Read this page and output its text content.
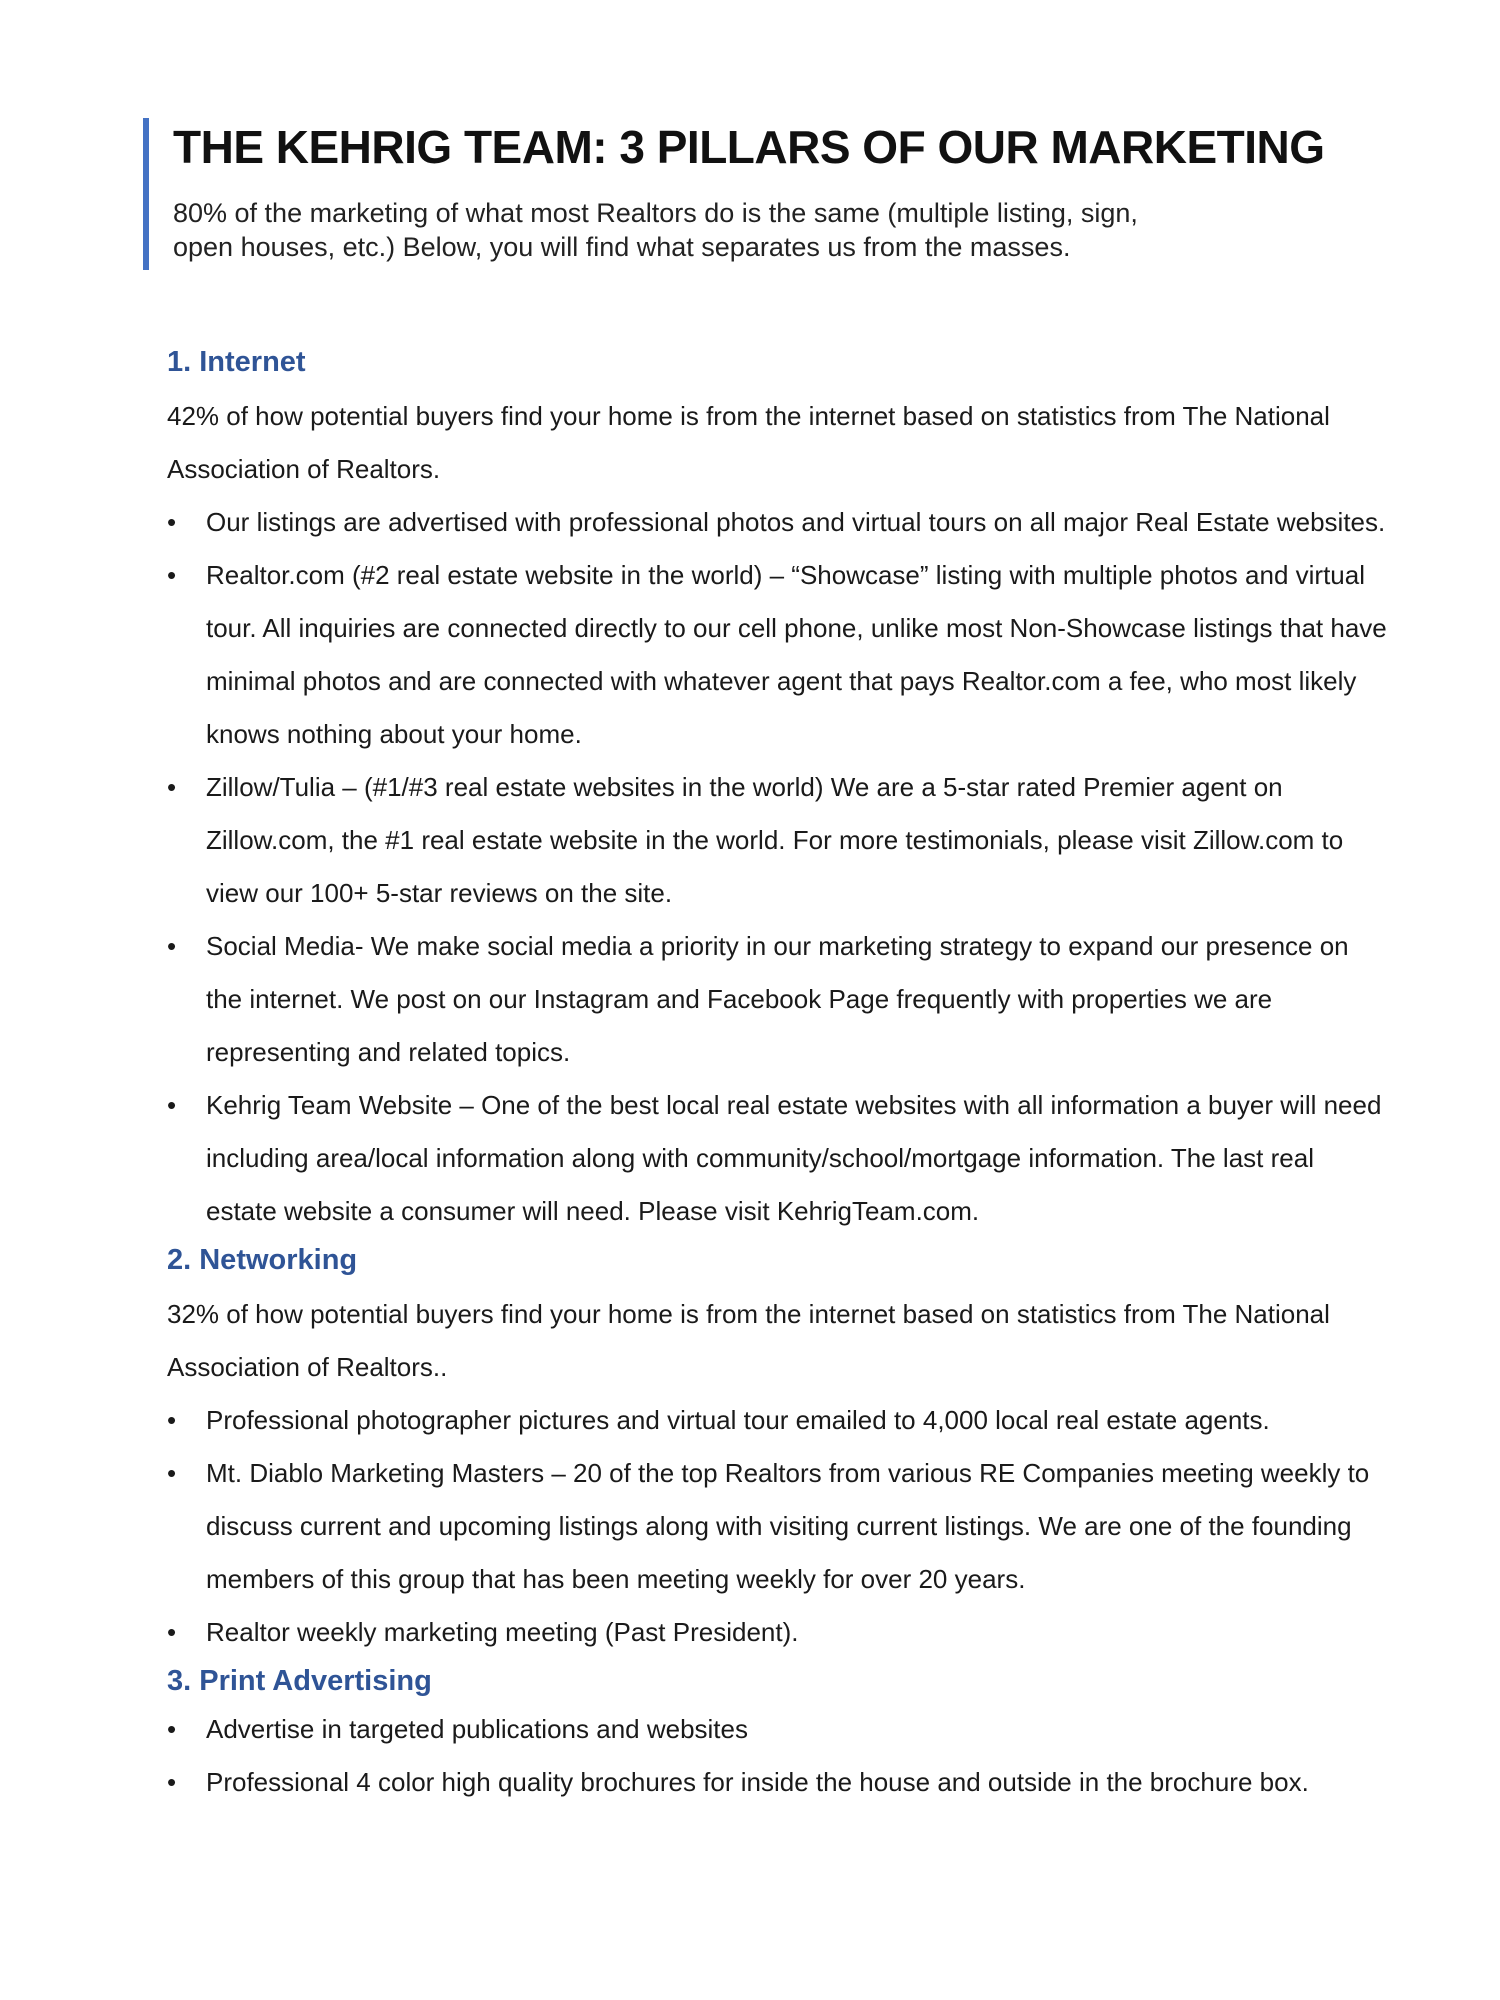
THE KEHRIG TEAM: 3 PILLARS OF OUR MARKETING

80% of the marketing of what most Realtors do is the same (multiple listing, sign, open houses, etc.) Below, you will find what separates us from the masses.

1. Internet

42% of how potential buyers find your home is from the internet based on statistics from The National Association of Realtors.

•	Our listings are advertised with professional photos and virtual tours on all major Real Estate websites.
•	Realtor.com (#2 real estate website in the world) – “Showcase” listing with multiple photos and virtual tour. All inquiries are connected directly to our cell phone, unlike most Non-Showcase listings that have minimal photos and are connected with whatever agent that pays Realtor.com a fee, who most likely knows nothing about your home.
•	Zillow/Tulia – (#1/#3 real estate websites in the world) We are a 5-star rated Premier agent on Zillow.com, the #1 real estate website in the world. For more testimonials, please visit Zillow.com to view our 100+ 5-star reviews on the site.
•	Social Media- We make social media a priority in our marketing strategy to expand our presence on the internet. We post on our Instagram and Facebook Page frequently with properties we are representing and related topics.
•	Kehrig Team Website – One of the best local real estate websites with all information a buyer will need including area/local information along with community/school/mortgage information. The last real estate website a consumer will need. Please visit KehrigTeam.com.
2. Networking

32% of how potential buyers find your home is from the internet based on statistics from The National Association of Realtors..

•	Professional photographer pictures and virtual tour emailed to 4,000 local real estate agents.
•	Mt. Diablo Marketing Masters – 20 of the top Realtors from various RE Companies meeting weekly to discuss current and upcoming listings along with visiting current listings. We are one of the founding members of this group that has been meeting weekly for over 20 years.
•	Realtor weekly marketing meeting (Past President).
3. Print Advertising
•	Advertise in targeted publications and websites
•	Professional 4 color high quality brochures for inside the house and outside in the brochure box.
